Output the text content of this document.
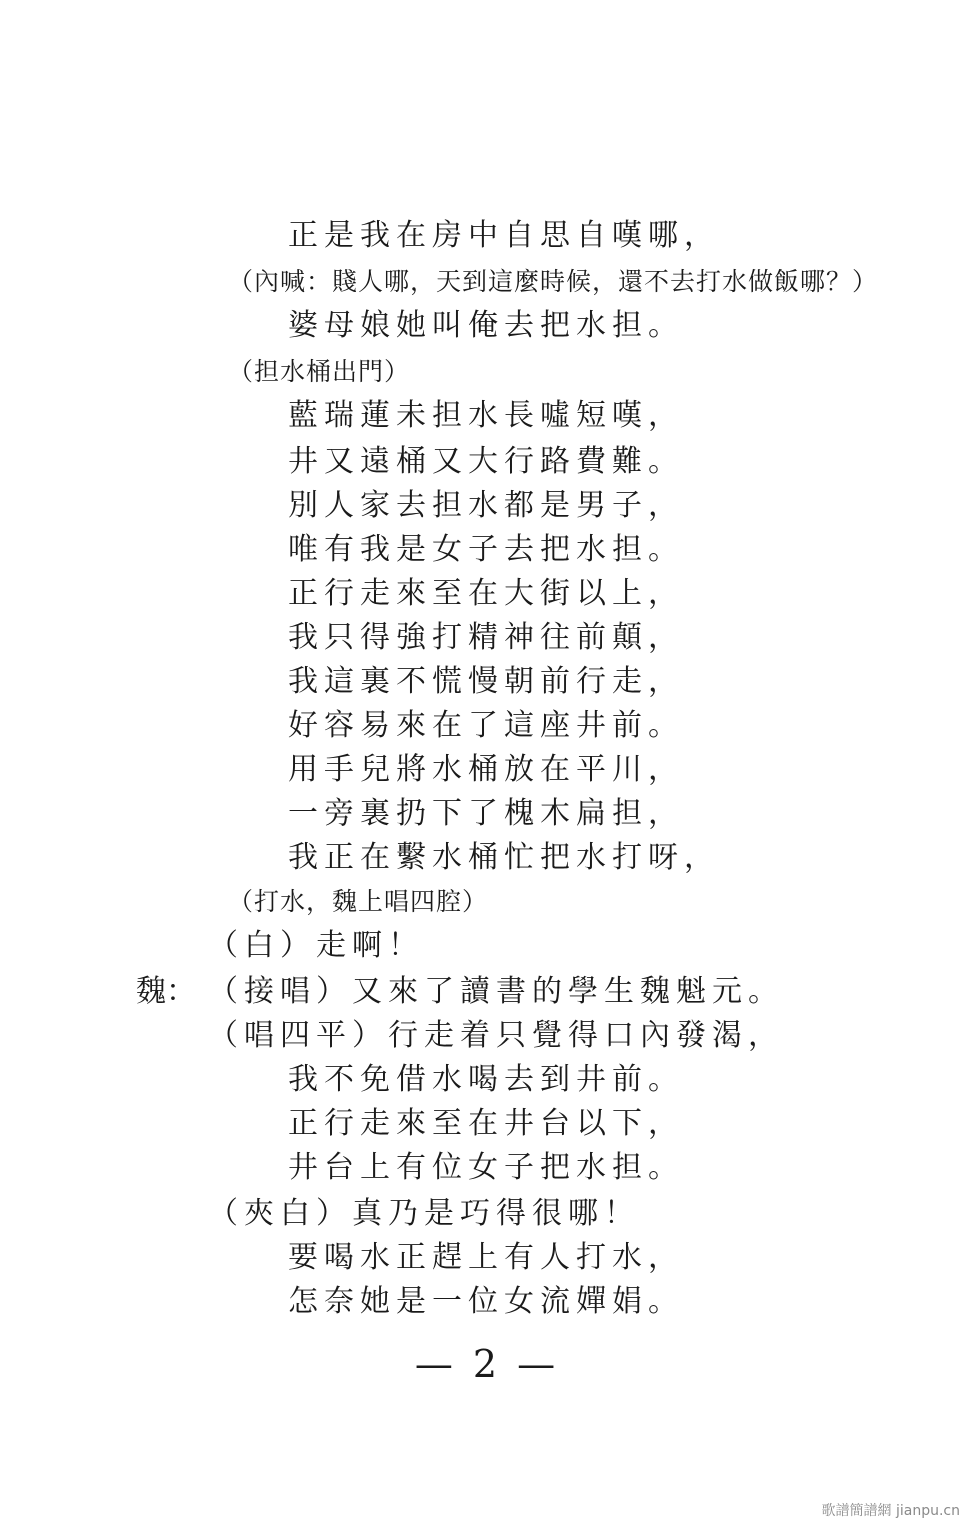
正是我在房中自思自嘆哪，
（內喊：賤人哪，天到這麼時候，還不去打水做飯哪？）
婆母娘她叫俺去把水担。
（担水桶出門）
藍瑞蓮未担水長噓短嘆，
井又遠桶又大行路費難。
別人家去担水都是男子，
唯有我是女子去把水担。
正行走來至在大街以上，
我只得強打精神往前顛，
我這裏不慌慢朝前行走，
好容易來在了這座井前。
用手兒將水桶放在平川，
一旁裏扔下了槐木扁担，
我正在繫水桶忙把水打呀，
（打水，魏上唱四腔）
（白）走啊！
魏： （接唱）又來了讀書的學生魏魁元。
（唱四平）行走着只覺得口內發渴，
我不免借水喝去到井前。
正行走來至在井台以下，
井台上有位女子把水担。
（夾白）真乃是巧得很哪！
要喝水正趕上有人打水，
怎奈她是一位女流嬋娟。
— 2 —
歌譜簡譜網 jianpu.cn
